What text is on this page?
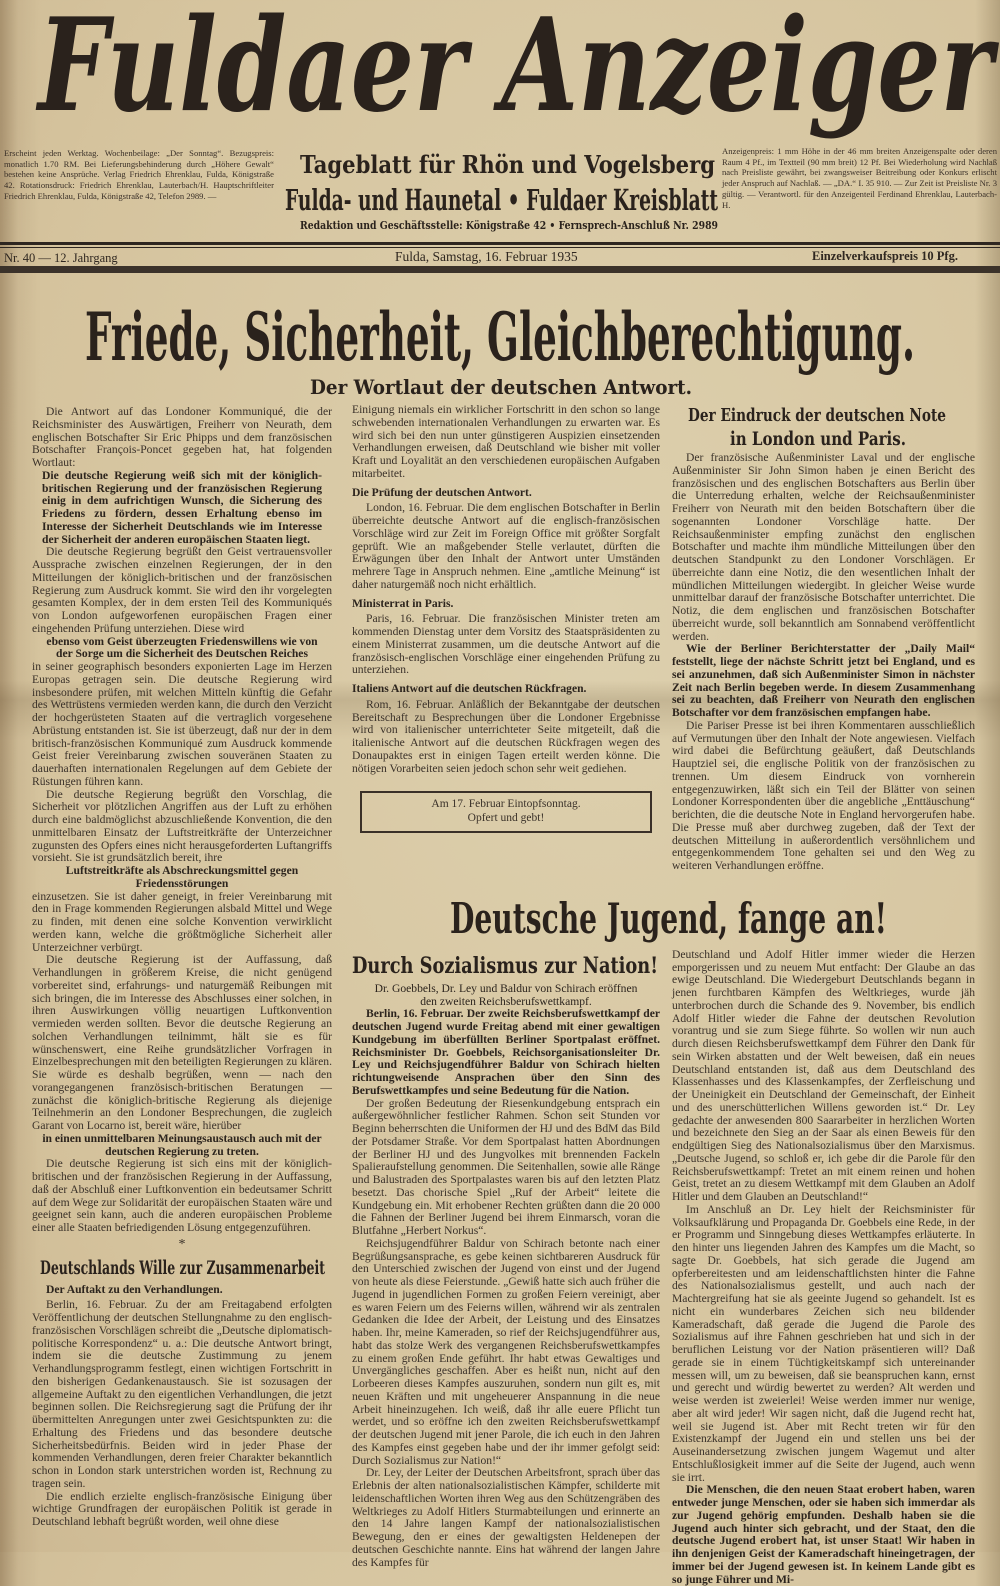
Fuldaer Anzeiger
Erscheint jeden Werktag. Wochenbeilage: „Der Sonntag“. Bezugspreis: monatlich 1.70 RM. Bei Lieferungsbehinderung durch „Höhere Gewalt“ bestehen keine Ansprüche. Verlag Friedrich Ehrenklau, Fulda, Königstraße 42. Rotationsdruck: Friedrich Ehrenklau, Lauterbach/H. Hauptschriftleiter Friedrich Ehrenklau, Fulda, Königstraße 42, Telefon 2989. —
Anzeigenpreis: 1 mm Höhe in der 46 mm breiten Anzeigenspalte oder deren Raum 4 Pf., im Textteil (90 mm breit) 12 Pf. Bei Wiederholung wird Nachlaß nach Preisliste gewährt, bei zwangsweiser Beitreibung oder Konkurs erlischt jeder Anspruch auf Nachlaß. — „DA.“ I. 35 910. — Zur Zeit ist Preisliste Nr. 3 gültig. — Verantwortl. für den Anzeigenteil Ferdinand Ehrenklau, Lauterbach-H.
Tageblatt für Rhön und Vogelsberg
Fulda- und Haunetal • Fuldaer Kreisblatt
Redaktion und Geschäftsstelle: Königstraße 42 • Fernsprech-Anschluß Nr. 2989
Nr. 40 — 12. Jahrgang	Fulda, Samstag, 16. Februar 1935	Einzelverkaufspreis 10 Pfg.
Friede, Sicherheit, Gleichberechtigung.
Der Wortlaut der deutschen Antwort.

Die Antwort auf das Londoner Kommuniqué, die der Reichsminister des Auswärtigen, Freiherr von Neurath, dem englischen Botschafter Sir Eric Phipps und dem französischen Botschafter François-Poncet gegeben hat, hat folgenden Wortlaut:

Die deutsche Regierung weiß sich mit der königlich-britischen Regierung und der französischen Regierung einig in dem aufrichtigen Wunsch, die Sicherung des Friedens zu fördern, dessen Erhaltung ebenso im Interesse der Sicherheit Deutschlands wie im Interesse der Sicherheit der anderen europäischen Staaten liegt.

Die deutsche Regierung begrüßt den Geist vertrauensvoller Aussprache zwischen einzelnen Regierungen, der in den Mitteilungen der königlich-britischen und der französischen Regierung zum Ausdruck kommt. Sie wird den ihr vorgelegten gesamten Komplex, der in dem ersten Teil des Kommuniqués von London aufgeworfenen europäischen Fragen einer eingehenden Prüfung unterziehen. Diese wird

ebenso vom Geist überzeugten Friedenswillens wie von der Sorge um die Sicherheit des Deutschen Reiches

in seiner geographisch besonders exponierten Lage im Herzen Europas getragen sein. Die deutsche Regierung wird insbesondere prüfen, mit welchen Mitteln künftig die Gefahr des Wettrüstens vermieden werden kann, die durch den Verzicht der hochgerüsteten Staaten auf die vertraglich vorgesehene Abrüstung entstanden ist. Sie ist überzeugt, daß nur der in dem britisch-französischen Kommuniqué zum Ausdruck kommende Geist freier Vereinbarung zwischen souveränen Staaten zu dauerhaften internationalen Regelungen auf dem Gebiete der Rüstungen führen kann.

Die deutsche Regierung begrüßt den Vorschlag, die Sicherheit vor plötzlichen Angriffen aus der Luft zu erhöhen durch eine baldmöglichst abzuschließende Konvention, die den unmittelbaren Einsatz der Luftstreitkräfte der Unterzeichner zugunsten des Opfers eines nicht herausgeforderten Luftangriffs vorsieht. Sie ist grundsätzlich bereit, ihre

Luftstreitkräfte als Abschreckungsmittel gegen Friedensstörungen

einzusetzen. Sie ist daher geneigt, in freier Vereinbarung mit den in Frage kommenden Regierungen alsbald Mittel und Wege zu finden, mit denen eine solche Konvention verwirklicht werden kann, welche die größtmögliche Sicherheit aller Unterzeichner verbürgt.

Die deutsche Regierung ist der Auffassung, daß Verhandlungen in größerem Kreise, die nicht genügend vorbereitet sind, erfahrungs- und naturgemäß Reibungen mit sich bringen, die im Interesse des Abschlusses einer solchen, in ihren Auswirkungen völlig neuartigen Luftkonvention vermieden werden sollten. Bevor die deutsche Regierung an solchen Verhandlungen teilnimmt, hält sie es für wünschenswert, eine Reihe grundsätzlicher Vorfragen in Einzelbesprechungen mit den beteiligten Regierungen zu klären. Sie würde es deshalb begrüßen, wenn — nach den vorangegangenen französisch-britischen Beratungen — zunächst die königlich-britische Regierung als diejenige Teilnehmerin an den Londoner Besprechungen, die zugleich Garant von Locarno ist, bereit wäre, hierüber

in einen unmittelbaren Meinungsaustausch auch mit der deutschen Regierung zu treten.

Die deutsche Regierung ist sich eins mit der königlich-britischen und der französischen Regierung in der Auffassung, daß der Abschluß einer Luftkonvention ein bedeutsamer Schritt auf dem Wege zur Solidarität der europäischen Staaten wäre und geeignet sein kann, auch die anderen europäischen Probleme einer alle Staaten befriedigenden Lösung entgegenzuführen.

*
Deutschlands Wille zur Zusammenarbeit

Der Auftakt zu den Verhandlungen.

Berlin, 16. Februar. Zu der am Freitagabend erfolgten Veröffentlichung der deutschen Stellungnahme zu den englisch-französischen Vorschlägen schreibt die „Deutsche diplomatisch-politische Korrespondenz“ u. a.: Die deutsche Antwort bringt, indem sie die deutsche Zustimmung zu jenem Verhandlungsprogramm festlegt, einen wichtigen Fortschritt in den bisherigen Gedankenaustausch. Sie ist sozusagen der allgemeine Auftakt zu den eigentlichen Verhandlungen, die jetzt beginnen sollen. Die Reichsregierung sagt die Prüfung der ihr übermittelten Anregungen unter zwei Gesichtspunkten zu: die Erhaltung des Friedens und das besondere deutsche Sicherheitsbedürfnis. Beiden wird in jeder Phase der kommenden Verhandlungen, deren freier Charakter bekanntlich schon in London stark unterstrichen worden ist, Rechnung zu tragen sein.

Die endlich erzielte englisch-französische Einigung über wichtige Grundfragen der europäischen Politik ist gerade in Deutschland lebhaft begrüßt worden, weil ohne diese

Einigung niemals ein wirklicher Fortschritt in den schon so lange schwebenden internationalen Verhandlungen zu erwarten war. Es wird sich bei den nun unter günstigeren Auspizien einsetzenden Verhandlungen erweisen, daß Deutschland wie bisher mit voller Kraft und Loyalität an den verschiedenen europäischen Aufgaben mitarbeitet.

Die Prüfung der deutschen Antwort.

London, 16. Februar. Die dem englischen Botschafter in Berlin überreichte deutsche Antwort auf die englisch-französischen Vorschläge wird zur Zeit im Foreign Office mit größter Sorgfalt geprüft. Wie an maßgebender Stelle verlautet, dürften die Erwägungen über den Inhalt der Antwort unter Umständen mehrere Tage in Anspruch nehmen. Eine „amtliche Meinung“ ist daher naturgemäß noch nicht erhältlich.

Ministerrat in Paris.

Paris, 16. Februar. Die französischen Minister treten am kommenden Dienstag unter dem Vorsitz des Staatspräsidenten zu einem Ministerrat zusammen, um die deutsche Antwort auf die französisch-englischen Vorschläge einer eingehenden Prüfung zu unterziehen.

Italiens Antwort auf die deutschen Rückfragen.

Rom, 16. Februar. Anläßlich der Bekanntgabe der deutschen Bereitschaft zu Besprechungen über die Londoner Ergebnisse wird von italienischer unterrichteter Seite mitgeteilt, daß die italienische Antwort auf die deutschen Rückfragen wegen des Donaupaktes erst in einigen Tagen erteilt werden könne. Die nötigen Vorarbeiten seien jedoch schon sehr weit gediehen.

Am 17. Februar Eintopfsonntag.
Opfert und gebt!
Der Eindruck der deutschen Note
in London und Paris.

Der französische Außenminister Laval und der englische Außenminister Sir John Simon haben je einen Bericht des französischen und des englischen Botschafters aus Berlin über die Unterredung erhalten, welche der Reichsaußenminister Freiherr von Neurath mit den beiden Botschaftern über die sogenannten Londoner Vorschläge hatte. Der Reichsaußenminister empfing zunächst den englischen Botschafter und machte ihm mündliche Mitteilungen über den deutschen Standpunkt zu den Londoner Vorschlägen. Er überreichte dann eine Notiz, die den wesentlichen Inhalt der mündlichen Mitteilungen wiedergibt. In gleicher Weise wurde unmittelbar darauf der französische Botschafter unterrichtet. Die Notiz, die dem englischen und französischen Botschafter überreicht wurde, soll bekanntlich am Sonnabend veröffentlicht werden.

Wie der Berliner Berichterstatter der „Daily Mail“ feststellt, liege der nächste Schritt jetzt bei England, und es sei anzunehmen, daß sich Außenminister Simon in nächster Zeit nach Berlin begeben werde. In diesem Zusammenhang sei zu beachten, daß Freiherr von Neurath den englischen Botschafter vor dem französischen empfangen habe.

Die Pariser Presse ist bei ihren Kommentaren ausschließlich auf Vermutungen über den Inhalt der Note angewiesen. Vielfach wird dabei die Befürchtung geäußert, daß Deutschlands Hauptziel sei, die englische Politik von der französischen zu trennen. Um diesem Eindruck von vornherein entgegenzuwirken, läßt sich ein Teil der Blätter von seinen Londoner Korrespondenten über die angebliche „Enttäuschung“ berichten, die die deutsche Note in England hervorgerufen habe. Die Presse muß aber durchweg zugeben, daß der Text der deutschen Mitteilung in außerordentlich versöhnlichem und entgegenkommendem Tone gehalten sei und den Weg zu weiteren Verhandlungen eröffne.

Deutsche Jugend, fange an!
Durch Sozialismus zur Nation!

Dr. Goebbels, Dr. Ley und Baldur von Schirach eröffnen den zweiten Reichsberufswettkampf.

Berlin, 16. Februar. Der zweite Reichsberufswettkampf der deutschen Jugend wurde Freitag abend mit einer gewaltigen Kundgebung im überfüllten Berliner Sportpalast eröffnet. Reichsminister Dr. Goebbels, Reichsorganisationsleiter Dr. Ley und Reichsjugendführer Baldur von Schirach hielten richtungweisende Ansprachen über den Sinn des Berufswettkampfes und seine Bedeutung für die Nation.

Der großen Bedeutung der Riesenkundgebung entsprach ein außergewöhnlicher festlicher Rahmen. Schon seit Stunden vor Beginn beherrschten die Uniformen der HJ und des BdM das Bild der Potsdamer Straße. Vor dem Sportpalast hatten Abordnungen der Berliner HJ und des Jungvolkes mit brennenden Fackeln Spalieraufstellung genommen. Die Seitenhallen, sowie alle Ränge und Balustraden des Sportpalastes waren bis auf den letzten Platz besetzt. Das chorische Spiel „Ruf der Arbeit“ leitete die Kundgebung ein. Mit erhobener Rechten grüßten dann die 20 000 die Fahnen der Berliner Jugend bei ihrem Einmarsch, voran die Blutfahne „Herbert Norkus“.

Reichsjugendführer Baldur von Schirach betonte nach einer Begrüßungsansprache, es gebe keinen sichtbareren Ausdruck für den Unterschied zwischen der Jugend von einst und der Jugend von heute als diese Feierstunde. „Gewiß hatte sich auch früher die Jugend in jugendlichen Formen zu großen Feiern vereinigt, aber es waren Feiern um des Feierns willen, während wir als zentralen Gedanken die Idee der Arbeit, der Leistung und des Einsatzes haben. Ihr, meine Kameraden, so rief der Reichsjugendführer aus, habt das stolze Werk des vergangenen Reichsberufswettkampfes zu einem großen Ende geführt. Ihr habt etwas Gewaltiges und Unvergängliches geschaffen. Aber es heißt nun, nicht auf den Lorbeeren dieses Kampfes auszuruhen, sondern nun gilt es, mit neuen Kräften und mit ungeheuerer Anspannung in die neue Arbeit hineinzugehen. Ich weiß, daß ihr alle euere Pflicht tun werdet, und so eröffne ich den zweiten Reichsberufswettkampf der deutschen Jugend mit jener Parole, die ich euch in den Jahren des Kampfes einst gegeben habe und der ihr immer gefolgt seid: Durch Sozialismus zur Nation!“

Dr. Ley, der Leiter der Deutschen Arbeitsfront, sprach über das Erlebnis der alten nationalsozialistischen Kämpfer, schilderte mit leidenschaftlichen Worten ihren Weg aus den Schützengräben des Weltkrieges zu Adolf Hitlers Sturmabteilungen und erinnerte an den 14 Jahre langen Kampf der nationalsozialistischen Bewegung, den er eines der gewaltigsten Heldenepen der deutschen Geschichte nannte. Eins hat während der langen Jahre des Kampfes für

Deutschland und Adolf Hitler immer wieder die Herzen emporgerissen und zu neuem Mut entfacht: Der Glaube an das ewige Deutschland. Die Wiedergeburt Deutschlands begann in jenen furchtbaren Kämpfen des Weltkrieges, wurde jäh unterbrochen durch die Schande des 9. November, bis endlich Adolf Hitler wieder die Fahne der deutschen Revolution vorantrug und sie zum Siege führte. So wollen wir nun auch durch diesen Reichsberufswettkampf dem Führer den Dank für sein Wirken abstatten und der Welt beweisen, daß ein neues Deutschland entstanden ist, daß aus dem Deutschland des Klassenhasses und des Klassenkampfes, der Zerfleischung und der Uneinigkeit ein Deutschland der Gemeinschaft, der Einheit und des unerschütterlichen Willens geworden ist.“ Dr. Ley gedachte der anwesenden 800 Saararbeiter in herzlichen Worten und bezeichnete den Sieg an der Saar als einen Beweis für den endgültigen Sieg des Nationalsozialismus über den Marxismus. „Deutsche Jugend, so schloß er, ich gebe dir die Parole für den Reichsberufswettkampf: Tretet an mit einem reinen und hohen Geist, tretet an zu diesem Wettkampf mit dem Glauben an Adolf Hitler und dem Glauben an Deutschland!“

Im Anschluß an Dr. Ley hielt der Reichsminister für Volksaufklärung und Propaganda Dr. Goebbels eine Rede, in der er Programm und Sinngebung dieses Wettkampfes erläuterte. In den hinter uns liegenden Jahren des Kampfes um die Macht, so sagte Dr. Goebbels, hat sich gerade die Jugend am opferbereitesten und am leidenschaftlichsten hinter die Fahne des Nationalsozialismus gestellt, und auch nach der Machtergreifung hat sie als geeinte Jugend so gehandelt. Ist es nicht ein wunderbares Zeichen sich neu bildender Kameradschaft, daß gerade die Jugend die Parole des Sozialismus auf ihre Fahnen geschrieben hat und sich in der beruflichen Leistung vor der Nation präsentieren will? Daß gerade sie in einem Tüchtigkeitskampf sich untereinander messen will, um zu beweisen, daß sie beanspruchen kann, ernst und gerecht und würdig bewertet zu werden? Alt werden und weise werden ist zweierlei! Weise werden immer nur wenige, aber alt wird jeder! Wir sagen nicht, daß die Jugend recht hat, weil sie Jugend ist. Aber mit Recht treten wir für den Existenzkampf der Jugend ein und stellen uns bei der Auseinandersetzung zwischen jungem Wagemut und alter Entschlußlosigkeit immer auf die Seite der Jugend, auch wenn sie irrt.

Die Menschen, die den neuen Staat erobert haben, waren entweder junge Menschen, oder sie haben sich immerdar als zur Jugend gehörig empfunden. Deshalb haben sie die Jugend auch hinter sich gebracht, und der Staat, den die deutsche Jugend erobert hat, ist unser Staat! Wir haben in ihn denjenigen Geist der Kameradschaft hineingetragen, der immer bei der Jugend gewesen ist. In keinem Lande gibt es so junge Führer und Mi-
